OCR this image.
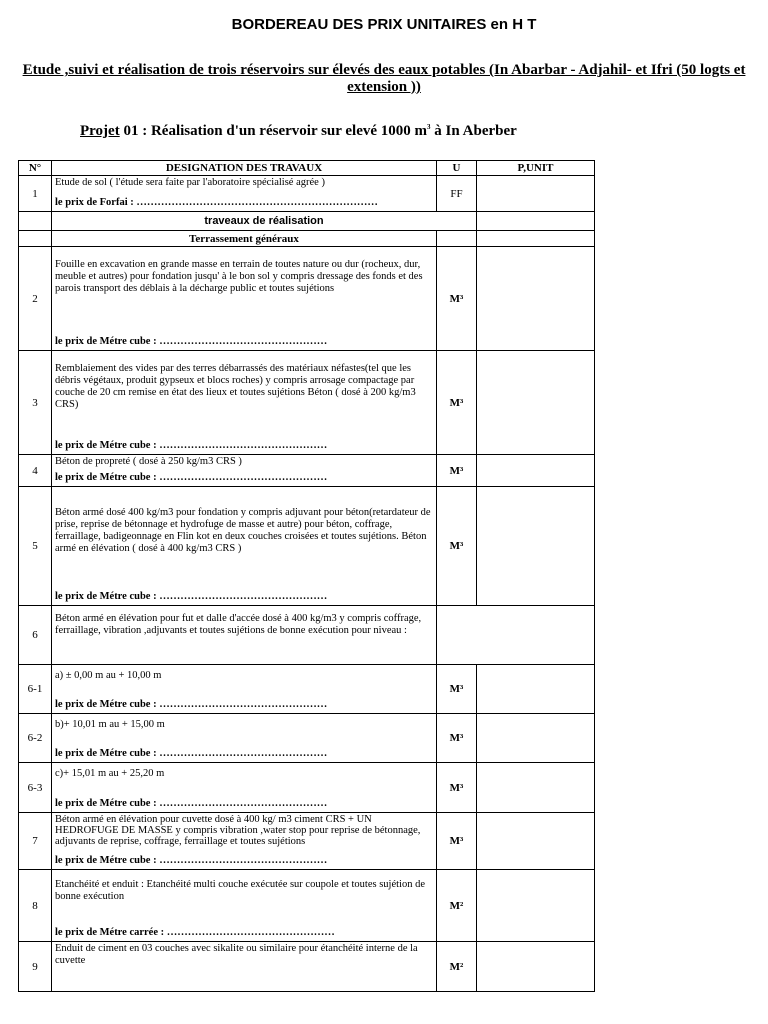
BORDEREAU DES PRIX UNITAIRES en H T
Etude ,suivi et réalisation de trois réservoirs sur élevés des eaux potables (In Abarbar - Adjahil- et Ifri (50 logts et extension ))
Projet 01 : Réalisation d'un réservoir sur elevé 1000 $m^3$ à In Aberber
N°	DESIGNATION DES TRAVAUX	U	P,UNIT
1	Etude de sol ( l'étude sera faite par l'aboratoire spécialisé agrée )
le prix de Forfai : ……………………………………………………………	FF	
	traveaux de réalisation		
	Terrassement généraux		
2	Fouille en excavation en grande masse en terrain de toutes nature ou dur (rocheux, dur, meuble et autres) pour fondation jusqu' à le bon sol y compris dressage des fonds et des parois transport des déblais à la décharge public et toutes sujétions
le prix de Métre cube : …………………………………………	M³	
3	Remblaiement des vides par des terres débarrassés des matériaux néfastes(tel que les débris végétaux, produit gypseux et blocs roches) y compris arrosage compactage par couche de 20 cm remise en état des lieux et toutes sujétions Béton ( dosé à 200 kg/m3 CRS)
le prix de Métre cube : …………………………………………	M³	
4	Béton de propreté ( dosé à 250 kg/m3 CRS )
le prix de Métre cube : …………………………………………	M³	
5	Béton armé dosé 400 kg/m3 pour fondation y compris adjuvant pour béton(retardateur de prise, reprise de bétonnage et hydrofuge de masse et autre) pour béton, coffrage, ferraillage, badigeonnage en Flin kot en deux couches croisées et toutes sujétions. Béton armé en élévation ( dosé à 400 kg/m3 CRS )
le prix de Métre cube : …………………………………………	M³	
6	Béton armé en élévation pour fut et dalle d'accée dosé à 400 kg/m3 y compris coffrage, ferraillage, vibration ,adjuvants et toutes sujétions de bonne exécution pour niveau :		

6-1	a) ± 0,00 m au + 10,00 m
le prix de Métre cube : …………………………………………	M³	
6-2	b)+ 10,01 m au + 15,00 m
le prix de Métre cube : …………………………………………	M³	
6-3	c)+ 15,01 m au + 25,20 m
le prix de Métre cube : …………………………………………	M³	
7	Béton armé en élévation pour cuvette dosé à 400 kg/ m3 ciment CRS + UN HEDROFUGE DE MASSE y compris vibration ,water stop pour reprise de bétonnage, adjuvants de reprise, coffrage, ferraillage et toutes sujétions
le prix de Métre cube : …………………………………………	M³	
8	Etanchéité et enduit : Etanchéité multi couche exécutée sur coupole et toutes sujétion de bonne exécution
le prix de Métre carrée : …………………………………………	M²	
9	Enduit de ciment en 03 couches avec sikalite ou similaire pour étanchéité interne de la cuvette	M²	
